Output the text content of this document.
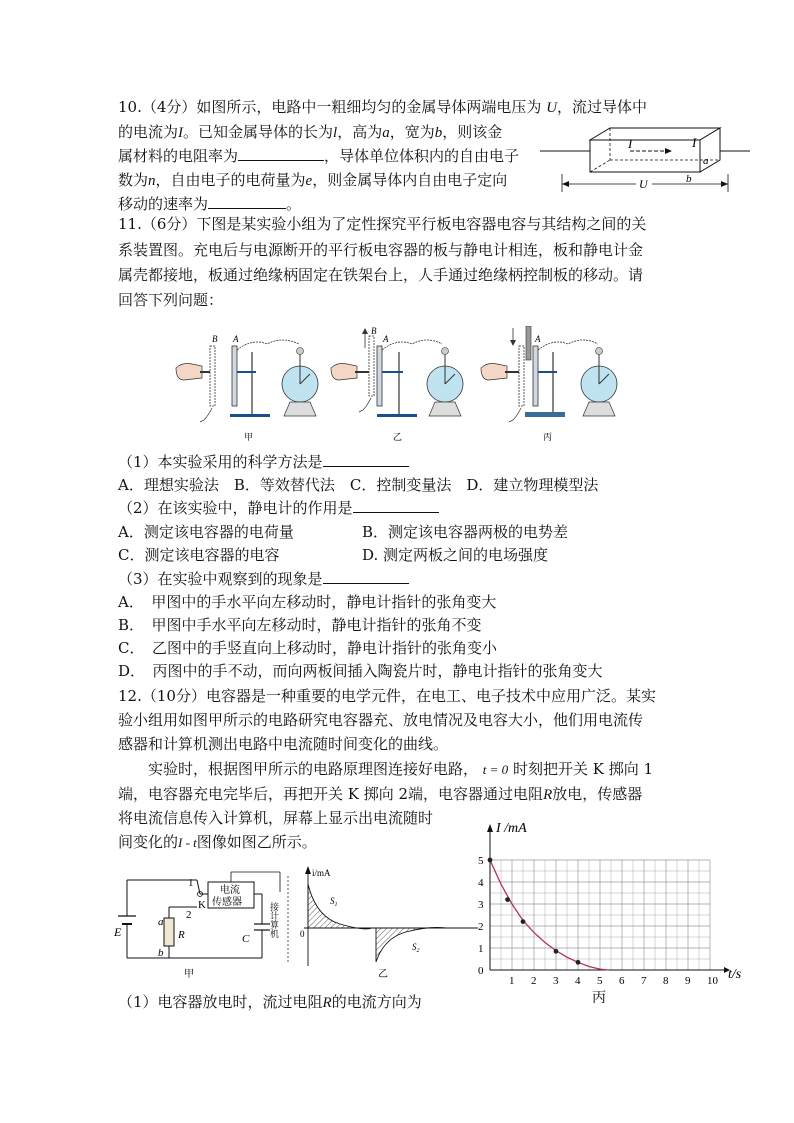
10.（4分）如图所示，电路中一粗细均匀的金属导体两端电压为 U，流过导体中
的电流为I。已知金属导体的长为l，高为a，宽为b，则该金
属材料的电阻率为	，导体单位体积内的自由电子
数为n，自由电子的电荷量为e，则金属导体内自由电子定向
移动的速率为	。
I	I
a
b
U
11.（6分）下图是某实验小组为了定性探究平行板电容器电容与其结构之间的关
系装置图。充电后与电源断开的平行板电容器的板与静电计相连，板和静电计金
属壳都接地，板通过绝缘柄固定在铁架台上，人手通过绝缘柄控制板的移动。请
回答下列问题：
B A
甲
B
A
乙
A
丙
（1）本实验采用的科学方法是
A．理想实验法　B．等效替代法　C．控制变量法　D．建立物理模型法
（2）在该实验中，静电计的作用是
A．测定该电容器的电荷量	B．测定该电容器两极的电势差
C．测定该电容器的电容	D. 测定两板之间的电场强度
（3）在实验中观察到的现象是
A．　甲图中的手水平向左移动时，静电计指针的张角变大
B．　甲图中手水平向左移动时，静电计指针的张角不变
C．　乙图中的手竖直向上移动时，静电计指针的张角变小
D．　丙图中的手不动，而向两板间插入陶瓷片时，静电计指针的张角变大
12.（10分）电容器是一种重要的电学元件，在电工、电子技术中应用广泛。某实
验小组用如图甲所示的电路研究电容器充、放电情况及电容大小，他们用电流传
感器和计算机测出电路中电流随时间变化的曲线。
实验时，根据图甲所示的电路原理图连接好电路， t = 0 时刻把开关 K 掷向 1
端，电容器充电完毕后，再把开关 K 掷向 2端，电容器通过电阻R放电，传感器
将电流信息传入计算机，屏幕上显示出电流随时
间变化的I - t图像如图乙所示。
E
1
K
2
a
b
R
电流
传感器
C
接计算机
甲
i/mA
0
$S_1$
$S_2$
乙
1 2 3 4 5 6 7 8 9 10
0
1
2
3
4
5
I /mA
t/s
丙
（1）电容器放电时，流过电阻R的电流方向为
